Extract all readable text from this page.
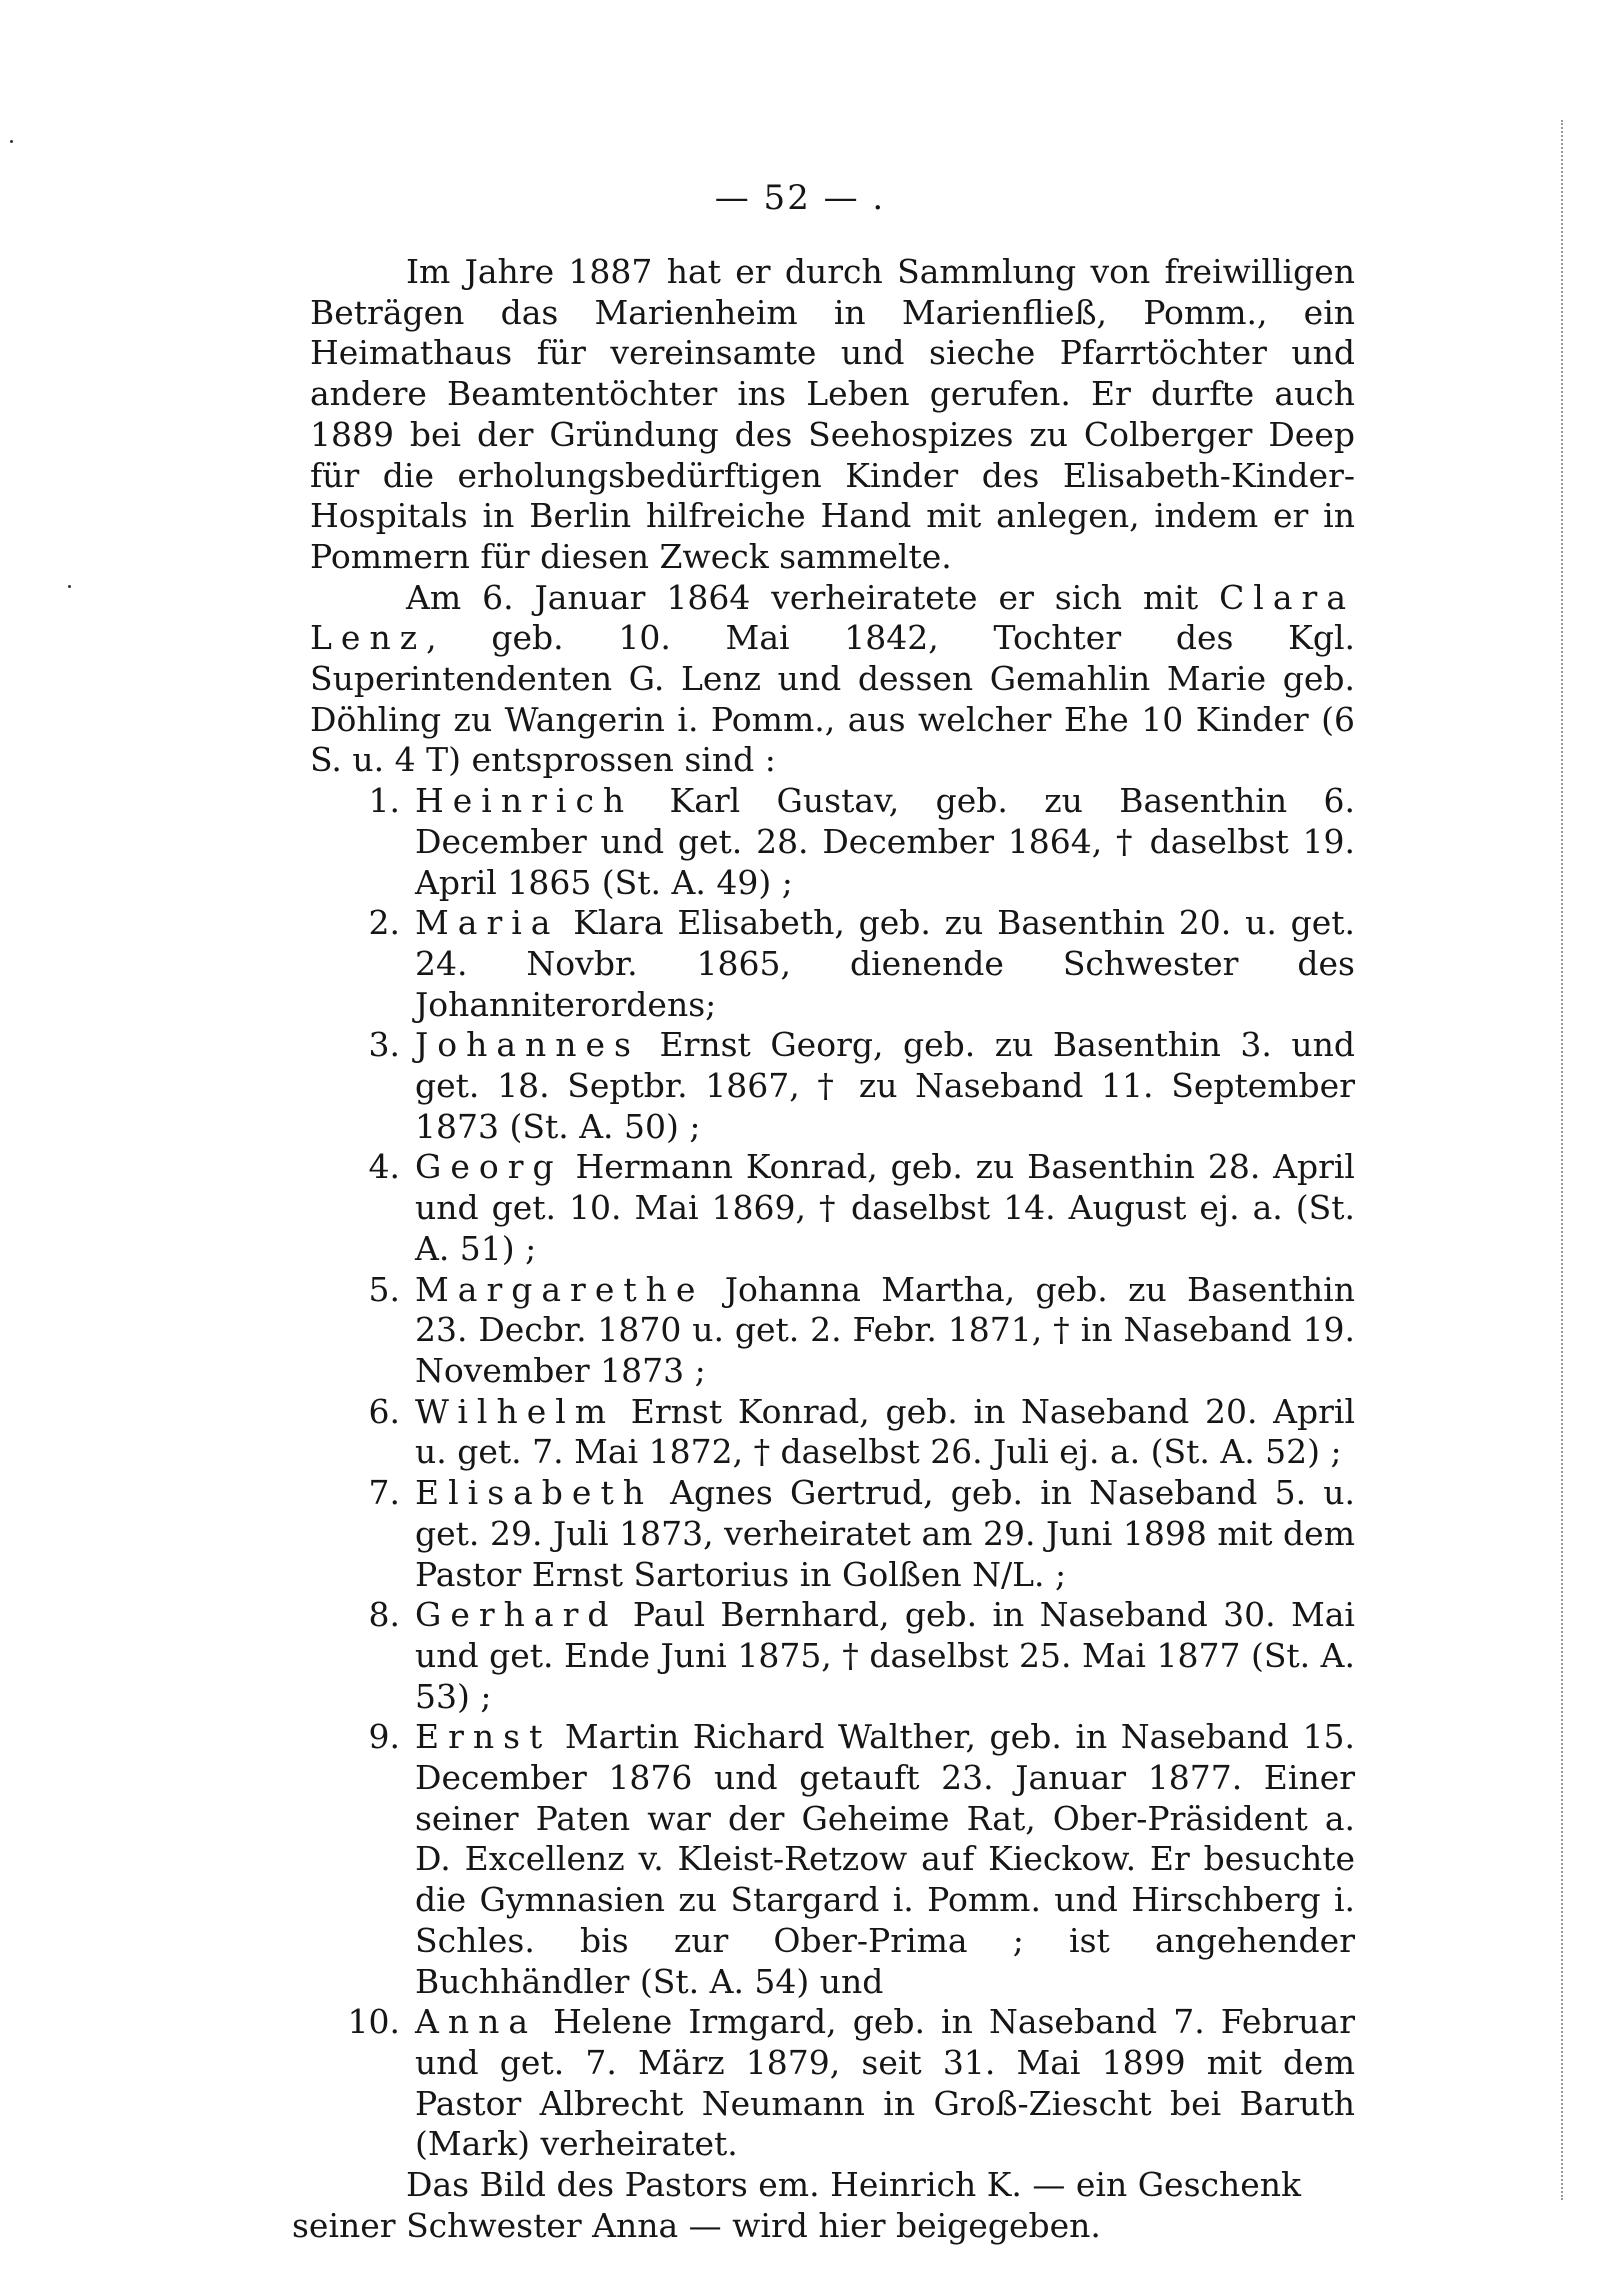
— 52 — .

Im Jahre 1887 hat er durch Sammlung von freiwilligen Beträgen das Marienheim in Marienfließ, Pomm., ein Heimathaus für vereinsamte und sieche Pfarrtöchter und andere Beamtentöchter ins Leben gerufen. Er durfte auch 1889 bei der Gründung des Seehospizes zu Colberger Deep für die erholungsbedürftigen Kinder des Elisabeth-Kinder-Hospitals in Berlin hilfreiche Hand mit anlegen, indem er in Pommern für diesen Zweck sammelte.

Am 6. Januar 1864 verheiratete er sich mit Clara Lenz, geb. 10. Mai 1842, Tochter des Kgl. Superintendenten G. Lenz und dessen Gemahlin Marie geb. Döhling zu Wangerin i. Pomm., aus welcher Ehe 10 Kinder (6 S. u. 4 T) entsprossen sind :

1. Heinrich Karl Gustav, geb. zu Basenthin 6. December und get. 28. December 1864, † daselbst 19. April 1865 (St. A. 49) ;
2. Maria Klara Elisabeth, geb. zu Basenthin 20. u. get. 24. Novbr. 1865, dienende Schwester des Johanniterordens;
3. Johannes Ernst Georg, geb. zu Basenthin 3. und get. 18. Septbr. 1867, † zu Naseband 11. September 1873 (St. A. 50) ;
4. Georg Hermann Konrad, geb. zu Basenthin 28. April und get. 10. Mai 1869, † daselbst 14. August ej. a. (St. A. 51) ;
5. Margarethe Johanna Martha, geb. zu Basenthin 23. Decbr. 1870 u. get. 2. Febr. 1871, † in Naseband 19. November 1873 ;
6. Wilhelm Ernst Konrad, geb. in Naseband 20. April u. get. 7. Mai 1872, † daselbst 26. Juli ej. a. (St. A. 52) ;
7. Elisabeth Agnes Gertrud, geb. in Naseband 5. u. get. 29. Juli 1873, verheiratet am 29. Juni 1898 mit dem Pastor Ernst Sartorius in Golßen N/L. ;
8. Gerhard Paul Bernhard, geb. in Naseband 30. Mai und get. Ende Juni 1875, † daselbst 25. Mai 1877 (St. A. 53) ;
9. Ernst Martin Richard Walther, geb. in Naseband 15. December 1876 und getauft 23. Januar 1877. Einer seiner Paten war der Geheime Rat, Ober-Präsident a. D. Excellenz v. Kleist-Retzow auf Kieckow. Er besuchte die Gymnasien zu Stargard i. Pomm. und Hirschberg i. Schles. bis zur Ober-Prima ; ist angehender Buchhändler (St. A. 54) und
10. Anna Helene Irmgard, geb. in Naseband 7. Februar und get. 7. März 1879, seit 31. Mai 1899 mit dem Pastor Albrecht Neumann in Groß-Ziescht bei Baruth (Mark) verheiratet.

Das Bild des Pastors em. Heinrich K. — ein Geschenk

seiner Schwester Anna — wird hier beigegeben.
